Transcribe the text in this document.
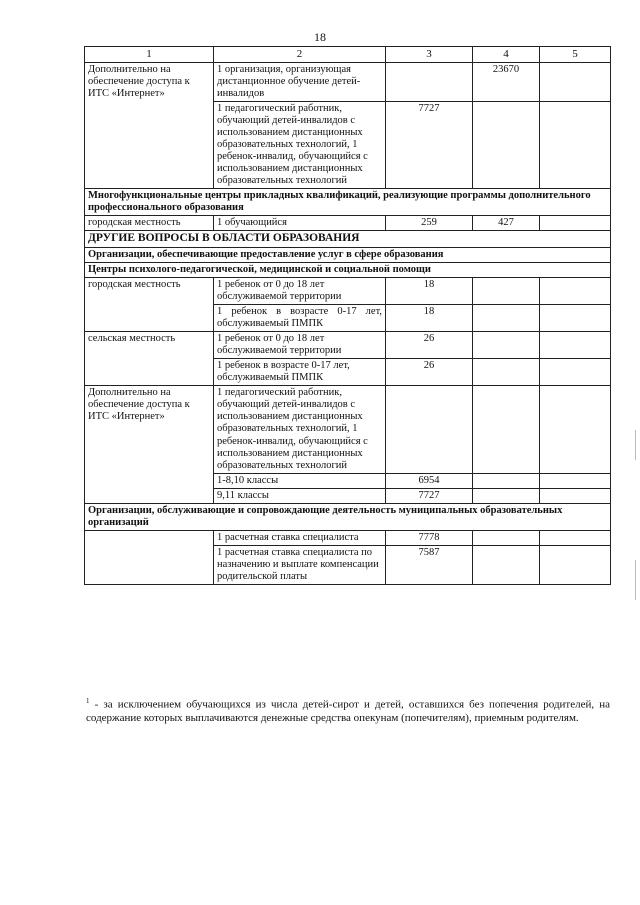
18
1	2	3	4	5
Дополнительно на обеспечение доступа к ИТС «Интернет»	1 организация, организующая дистанционное обучение детей-инвалидов		23670	
	1 педагогический работник, обучающий детей-инвалидов с использованием дистанционных образовательных технологий, 1 ребенок-инвалид, обучающийся с использованием дистанционных образовательных технологий	7727		
Многофункциональные центры прикладных квалификаций, реализующие программы дополнительного профессионального образования				
городская местность	1 обучающийся	259	427	
ДРУГИЕ ВОПРОСЫ В ОБЛАСТИ ОБРАЗОВАНИЯ				
Организации, обеспечивающие предоставление услуг в сфере образования				
Центры психолого-педагогической, медицинской и социальной помощи				
городская местность	1 ребенок от 0 до 18 лет обслуживаемой территории	18		
	1 ребенок в возрасте 0-17 лет, обслуживаемый ПМПК	18		
сельская местность	1 ребенок от 0 до 18 лет обслуживаемой территории	26		
	1 ребенок в возрасте 0-17 лет, обслуживаемый ПМПК	26		
Дополнительно на обеспечение доступа к ИТС «Интернет»	1 педагогический работник, обучающий детей-инвалидов с использованием дистанционных образовательных технологий, 1 ребенок-инвалид, обучающийся с использованием дистанционных образовательных технологий			
	1-8,10 классы	6954		
	9,11 классы	7727		
Организации, обслуживающие и сопровождающие деятельность муниципальных образовательных организаций				
	1 расчетная ставка специалиста	7778		
	1 расчетная ставка специалиста по назначению и выплате компенсации родительской платы	7587		
$^1$ - за исключением обучающихся из числа детей-сирот и детей, оставшихся без попечения родителей, на содержание которых выплачиваются денежные средства опекунам (попечителям), приемным родителям.
